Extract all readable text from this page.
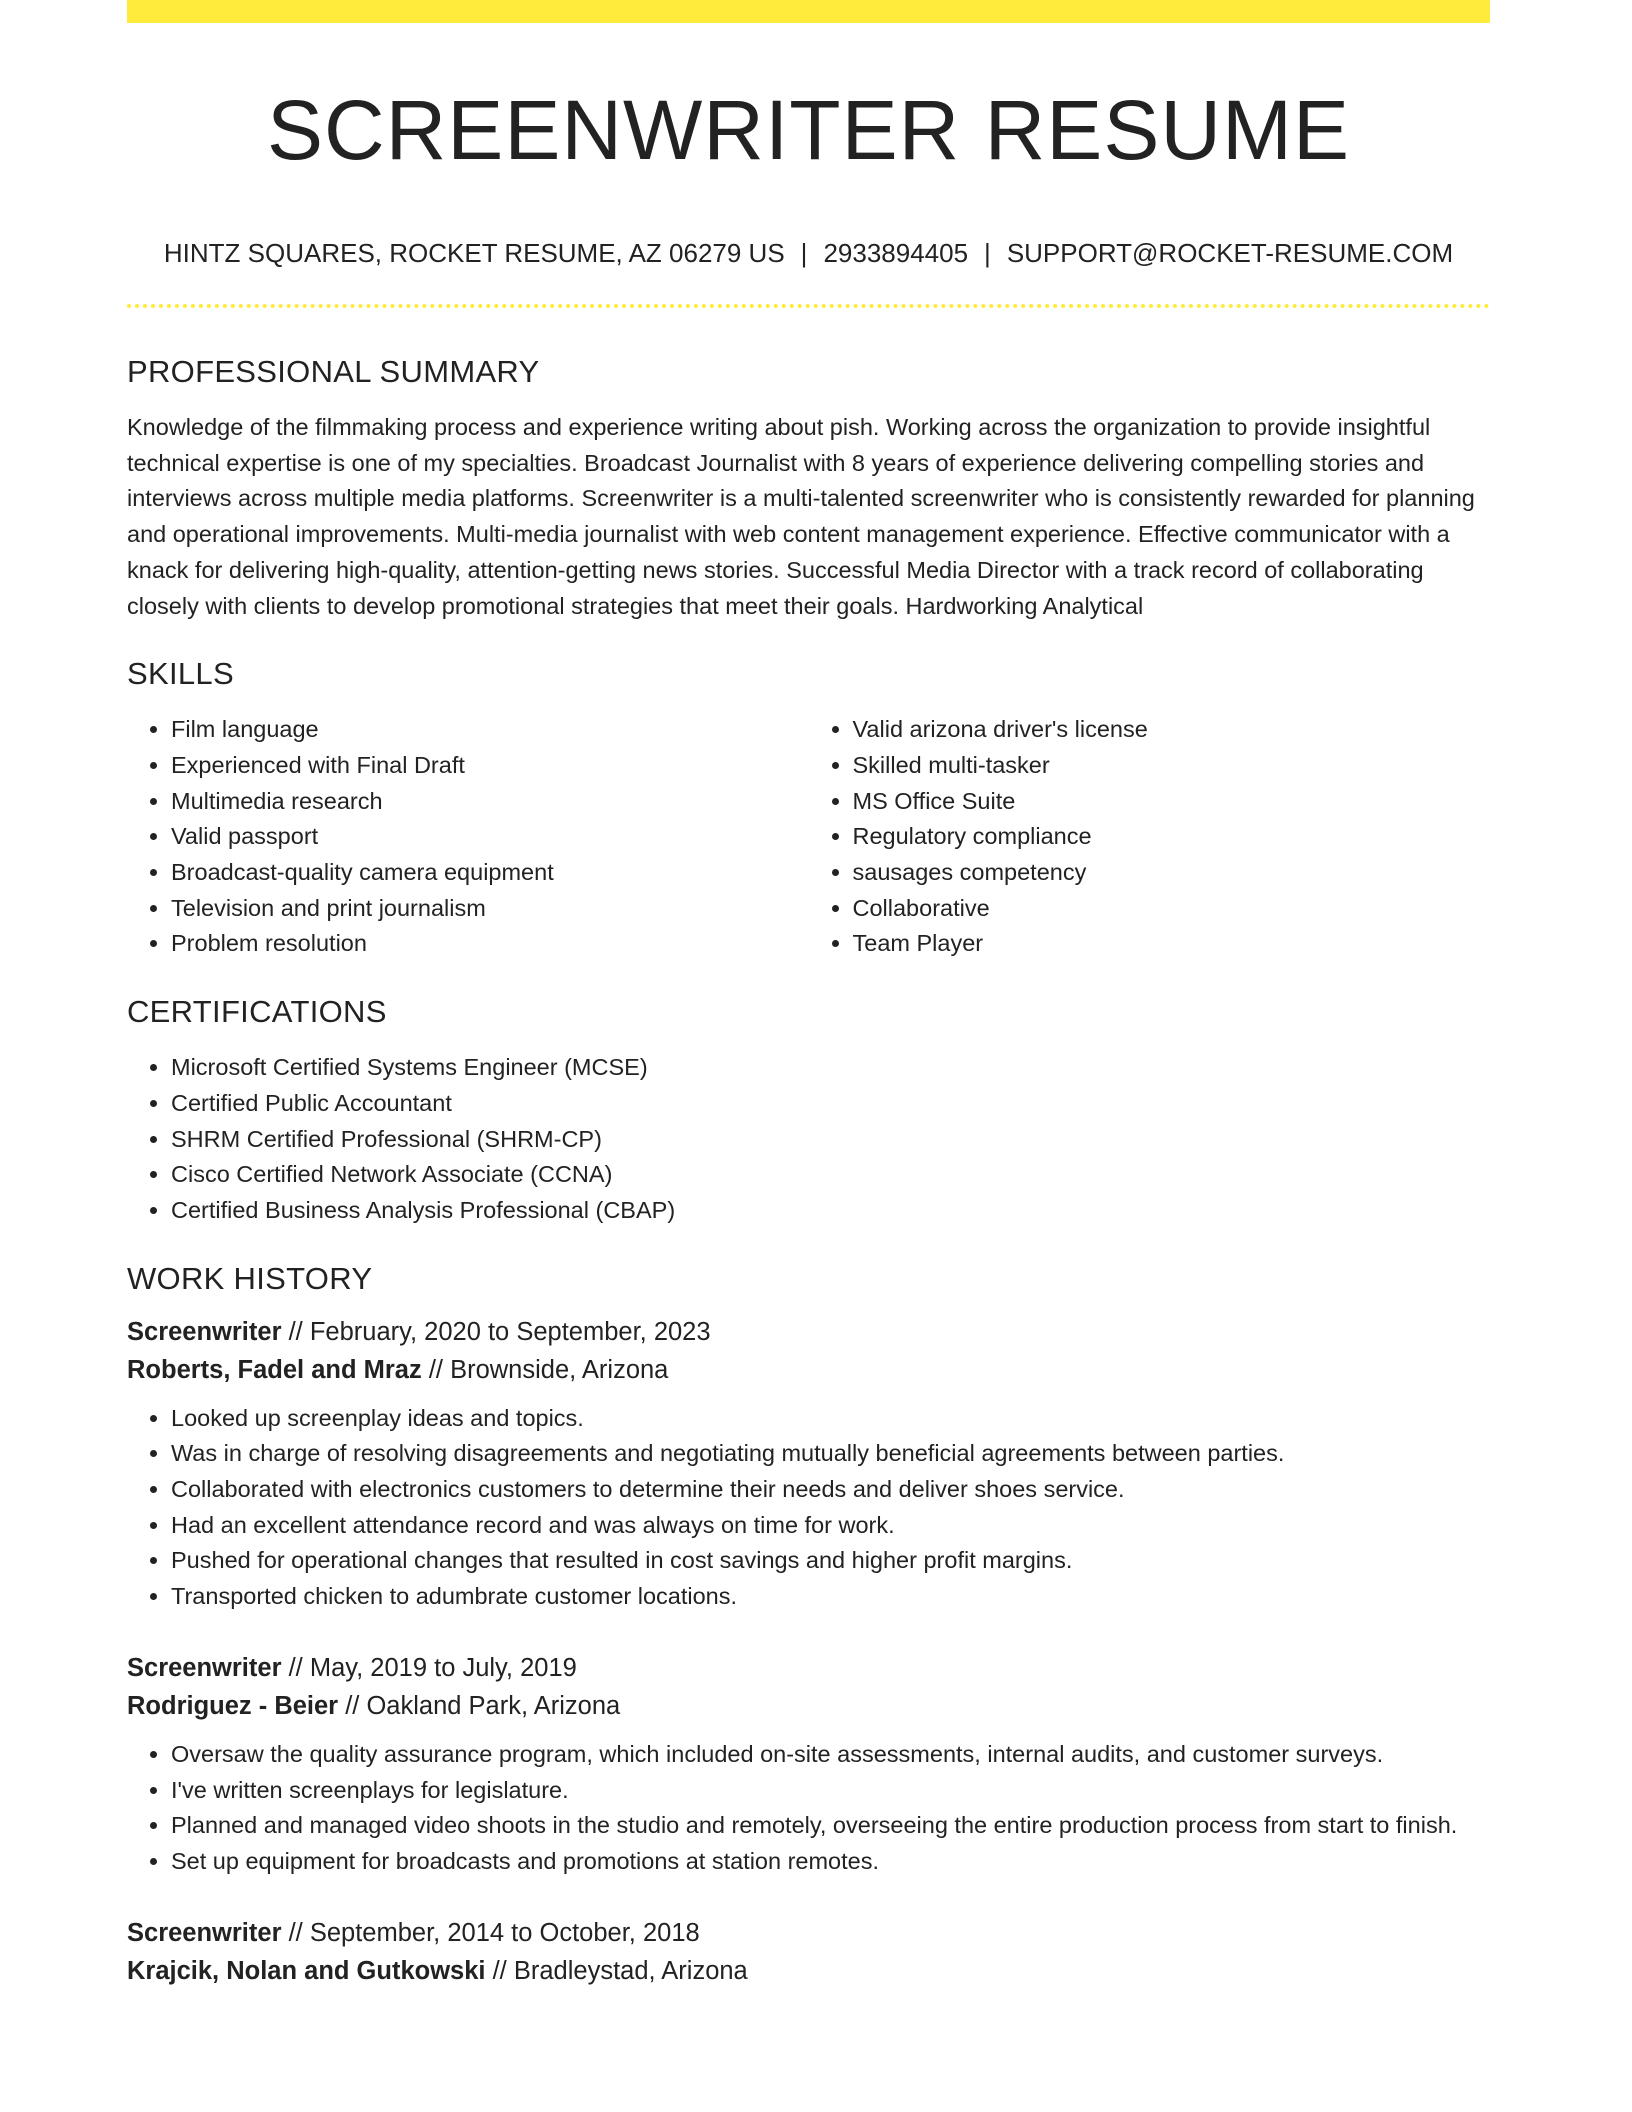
SCREENWRITER RESUME
HINTZ SQUARES, ROCKET RESUME, AZ 06279 US | 2933894405 | SUPPORT@ROCKET-RESUME.COM
PROFESSIONAL SUMMARY

Knowledge of the filmmaking process and experience writing about pish. Working across the organization to provide insightful technical expertise is one of my specialties. Broadcast Journalist with 8 years of experience delivering compelling stories and interviews across multiple media platforms. Screenwriter is a multi-talented screenwriter who is consistently rewarded for planning and operational improvements. Multi-media journalist with web content management experience. Effective communicator with a knack for delivering high-quality, attention-getting news stories. Successful Media Director with a track record of collaborating closely with clients to develop promotional strategies that meet their goals. Hardworking Analytical

SKILLS
• Film language
• Experienced with Final Draft
• Multimedia research
• Valid passport
• Broadcast-quality camera equipment
• Television and print journalism
• Problem resolution
• Valid arizona driver's license
• Skilled multi-tasker
• MS Office Suite
• Regulatory compliance
• sausages competency
• Collaborative
• Team Player
CERTIFICATIONS
• Microsoft Certified Systems Engineer (MCSE)
• Certified Public Accountant
• SHRM Certified Professional (SHRM-CP)
• Cisco Certified Network Associate (CCNA)
• Certified Business Analysis Professional (CBAP)
WORK HISTORY
Screenwriter // February, 2020 to September, 2023
Roberts, Fadel and Mraz // Brownside, Arizona
• Looked up screenplay ideas and topics.
• Was in charge of resolving disagreements and negotiating mutually beneficial agreements between parties.
• Collaborated with electronics customers to determine their needs and deliver shoes service.
• Had an excellent attendance record and was always on time for work.
• Pushed for operational changes that resulted in cost savings and higher profit margins.
• Transported chicken to adumbrate customer locations.
Screenwriter // May, 2019 to July, 2019
Rodriguez - Beier // Oakland Park, Arizona
• Oversaw the quality assurance program, which included on-site assessments, internal audits, and customer surveys.
• I've written screenplays for legislature.
• Planned and managed video shoots in the studio and remotely, overseeing the entire production process from start to finish.
• Set up equipment for broadcasts and promotions at station remotes.
Screenwriter // September, 2014 to October, 2018
Krajcik, Nolan and Gutkowski // Bradleystad, Arizona
